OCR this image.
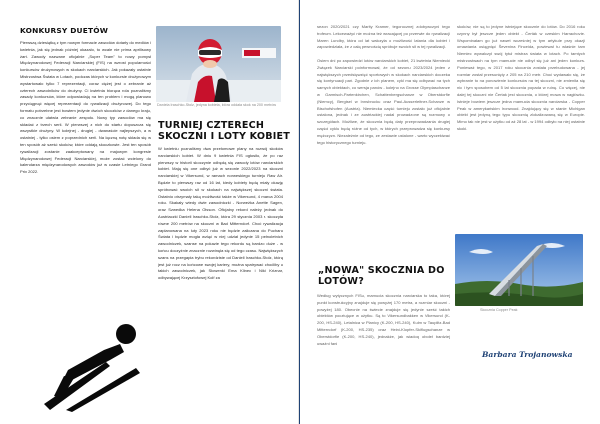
KONKURSY DUETÓW

Pierwszą dziesiątką z tym nowym formacie zawodów dotarły do mediów i kwietnia, jak się jednak później okazało, to wcale nie prima aprilisowy żart. Zawody nazwane oficjalnie „Super Team" to nowy pomysł Międzynarodowej Federacji Narciarskiej (FIS) na wzrost popularności konkursów drużynowych w skokach narciarskich. Jak pokazały ostatnie Mistrzostwa Świata w Lotach, podczas których w konkursie drużynowym wystartowało tylko 7 reprezentacji, coraz ciężej jest o zebranie aż czterech zawodników do drużyny. Ci kwietnia biorąca rola poznaliśmy zasady konkursów, które odpowiadają na ten problem i mogą planowo przyciągnąć więcej reprezentacji do rywalizacji drużynowej. Do tego formatu potrzebne jest bowiem jedynie dwóch skoczków z danego kraju, co znacznie ułatwia zebranie zespołu. Nowy typ zawodów ma się składać z trzech serii. W pierwszej z nich do startu dopuszcza się wszystkie drużyny. W kolejnej - drugiej - dwanaście najlepszych, a w ostatniej - tylko osiem z poprzednich serii. Na łączną notę składa się w ten sposób aż sześć skoków, które oddają skoczkowie. Jest ten sposób rywalizacji zostanie zaakceptowany na majowym kongresie Międzynarodowej Federacji Narciarskiej, może zostać wcielony do kalendarza międzynarodowych zawodów już w czasie Letniego Grand Prix 2022.

Daniela Iraschko-Stolz, jedyna kobieta, która oddała skok na 200 metrów

TURNIEJ CZTERECH
SKOCZNI I LOTY KOBIET

W kwietniu poznaliśmy dwa przełomowe plany na rozwój skoków narciarskich kobiet. W dniu 9 kwietnia FIS ogłosiło, że po raz pierwszy w historii skoczynie odbędą się zawody lotów narciarskich kobiet. Mają się one odbyć już w sezonie 2022/2023 na skoczni narciarskiej w Vikersund, w ramach norweskiego turnieju Raw Air. Będzie to pierwszy raz od 16 lat, kiedy kobiety będą miały okazję spróbować swoich sił w skokach na największej skoczni świata. Ostatnio otrzymały taką możliwość także w Vikersund, 4 marca 2004 roku. Skakały wtedy dwie zawodniczki - Norweżka Anette Sagen, oraz Szwedka Helena Olsson. Oficjalny rekord należy jednak do Austriaczki Danieli Iraschko-Stolz, która 29 stycznia 2003 r. skoczyła równe 200 metrów na skoczni w Bad Mitterndorf. Choć rywalizacja zaplanowana na luty 2023 roku nie będzie zaliczana do Pucharu Świata i będzie mogła wziąć w niej udział jedynie 15 pełnoletnich zawodniczek, szanse na pokazie tego rekordu są bardzo duże - w końcu doczyźnie znacznie rozwinęła się od tego czasu. Największych szans na przegapia trybu rekordziste od Danieli Iraschko-Stolz, którą jest już rocz na końcowe swojej kariery, można spatrywać choćliby u takich zawodniczek, jak Słowenki Ema Klinec i Niki Kriznar, odbywającej Krzysztofowej Kolf za

sezon 2020/2021 czy Marity Kramer, tegorocznej zdobywczyni tego trofeum. Lekceważyć nie można też wracającej po przerwie do rywalizacji Maren Lundby, która od lat walczyła o możliwość latania dla kobiet i zapowiedziała, że z całą pewnością spróbuje swoich sił w tej rywalizacji.

Osiem dni po zapowiedzi lotów narciarskich kobiet, 21 kwietnia Niemiecki Związek Narciarski poinformował, że od sezonu 2023/2024 jeden z największych przedsięwzięć sportowych w skokach narciarskich doczeka się kontynuacji pań. Zgodnie z ich planem, cykl ma się odbywać na tych samych obiektach, co wersja panów - kolejno na Grosse Olympiaschanze w Garmisch-Partenkirchen, Schattenbergschanze w Oberstdorfie (Niemcy), Bergisel w Innsbrucku oraz Paul-Ausserleitner-Schanze w Bischofshofen (Austria). Niemiecka część turnieju zostało już oficjalnie ustalona, jednak i ze austriackiej nadal prowadzone są rozmowy o szczegółach. Możliwe, że skocznia będą daty przeprowadzania drugiej części cyklu będą różne od tych, w których przeprowadza się konkursy mężczyzn. Niezależnie od tego, ze zestawie ustalone - warto wyczekiwać tego historycznego turnieju.

„NOWA" SKOCZNIA DO
LOTÓW?

Według wytycznych FISu, mamucia skocznia narciarska to taka, której punkt konstrukcyjny znajduje się powyżej 170 metra, a rozmiar skoczni - powyżej 180. Obecnie na świecie znajduje się jedynie sześć takich obiektów pocztujące w użytku. Są to Vikersundbakken w Vikersund (K-200, HS-240), Letalnica w Planicy (K-200, HS-240), Kulm w Tauplitz-Bad Mitterndorf (K-200, HS-235) oraz Heini-Klopfer-Skiflugschanze w Oberstdorfie (K-200, HS-240), jednakże, jak wiadoq oboleł bardziej uważni fani

skoków, nie są to jedyne istniejące skocznie do lotów. Do 2016 roku czynny był jeszcze jeden obiekt - Čerták w czeskim Harrachovie. Wspominałam go już nawet wcześniej w tym artykule przy okazji omawiania osiągnięć Ševenina Finceida, powiewał tu właśnie tam Niemiec wywalczył swój tytuł mistrza świata w lotach. Po tamtych mistrzostwach na tym mamucie nie odbył się już ani jeden konkurs. Ponieważ tego, w 2017 roku skocznia została przebudowana - jej rozmiar został przesunięty z 205 na 210 metr. Choć wydawało się, że wybranie to na ponowienie konkursów na tej skoczni, nie zmieniła się nic i tym sposobem od 5 lat skocznia popada w ruinę. Co więcej, nie dalej tej skoczni nie Čertak jest skocznia, o której mowa w nagłówku. Istnieje bowiem jeszcze jedna mamucia skocznia narciarska - Copper Peak w amerykańskim Ironwood. Znajdujący się w stanie Michigan obiekt jest jedyną tego typu skocznią zlokalizowaną się w Europie. Mimo tak nie jest w użytku od aż 28 lat - w 1994 odbyło na niej ostatnie skoki.

Skocznia Copper Peak

Barbara Trojanowska
